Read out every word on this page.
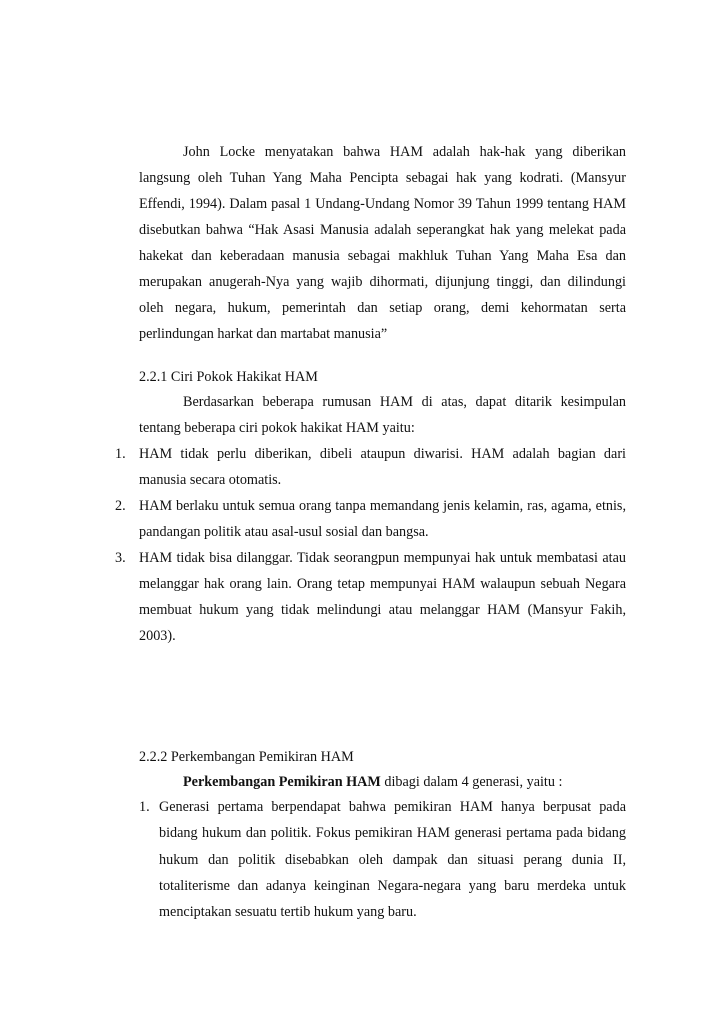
John Locke menyatakan bahwa HAM adalah hak-hak yang diberikan langsung oleh Tuhan Yang Maha Pencipta sebagai hak yang kodrati. (Mansyur Effendi, 1994). Dalam pasal 1 Undang-Undang Nomor 39 Tahun 1999 tentang HAM disebutkan bahwa “Hak Asasi Manusia adalah seperangkat hak yang melekat pada hakekat dan keberadaan manusia sebagai makhluk Tuhan Yang Maha Esa dan merupakan anugerah-Nya yang wajib dihormati, dijunjung tinggi, dan dilindungi oleh negara, hukum, pemerintah dan setiap orang, demi kehormatan serta perlindungan harkat dan martabat manusia”

2.2.1 Ciri Pokok Hakikat HAM

Berdasarkan beberapa rumusan HAM di atas, dapat ditarik kesimpulan tentang beberapa ciri pokok hakikat HAM yaitu:

1. HAM tidak perlu diberikan, dibeli ataupun diwarisi. HAM adalah bagian dari manusia secara otomatis.
2. HAM berlaku untuk semua orang tanpa memandang jenis kelamin, ras, agama, etnis, pandangan politik atau asal-usul sosial dan bangsa.
3. HAM tidak bisa dilanggar. Tidak seorangpun mempunyai hak untuk membatasi atau melanggar hak orang lain. Orang tetap mempunyai HAM walaupun sebuah Negara membuat hukum yang tidak melindungi atau melanggar HAM (Mansyur Fakih, 2003).

2.2.2 Perkembangan Pemikiran HAM

Perkembangan Pemikiran HAM dibagi dalam 4 generasi, yaitu :

1. Generasi pertama berpendapat bahwa pemikiran HAM hanya berpusat pada bidang hukum dan politik. Fokus pemikiran HAM generasi pertama pada bidang hukum dan politik disebabkan oleh dampak dan situasi perang dunia II, totaliterisme dan adanya keinginan Negara-negara yang baru merdeka untuk menciptakan sesuatu tertib hukum yang baru.
